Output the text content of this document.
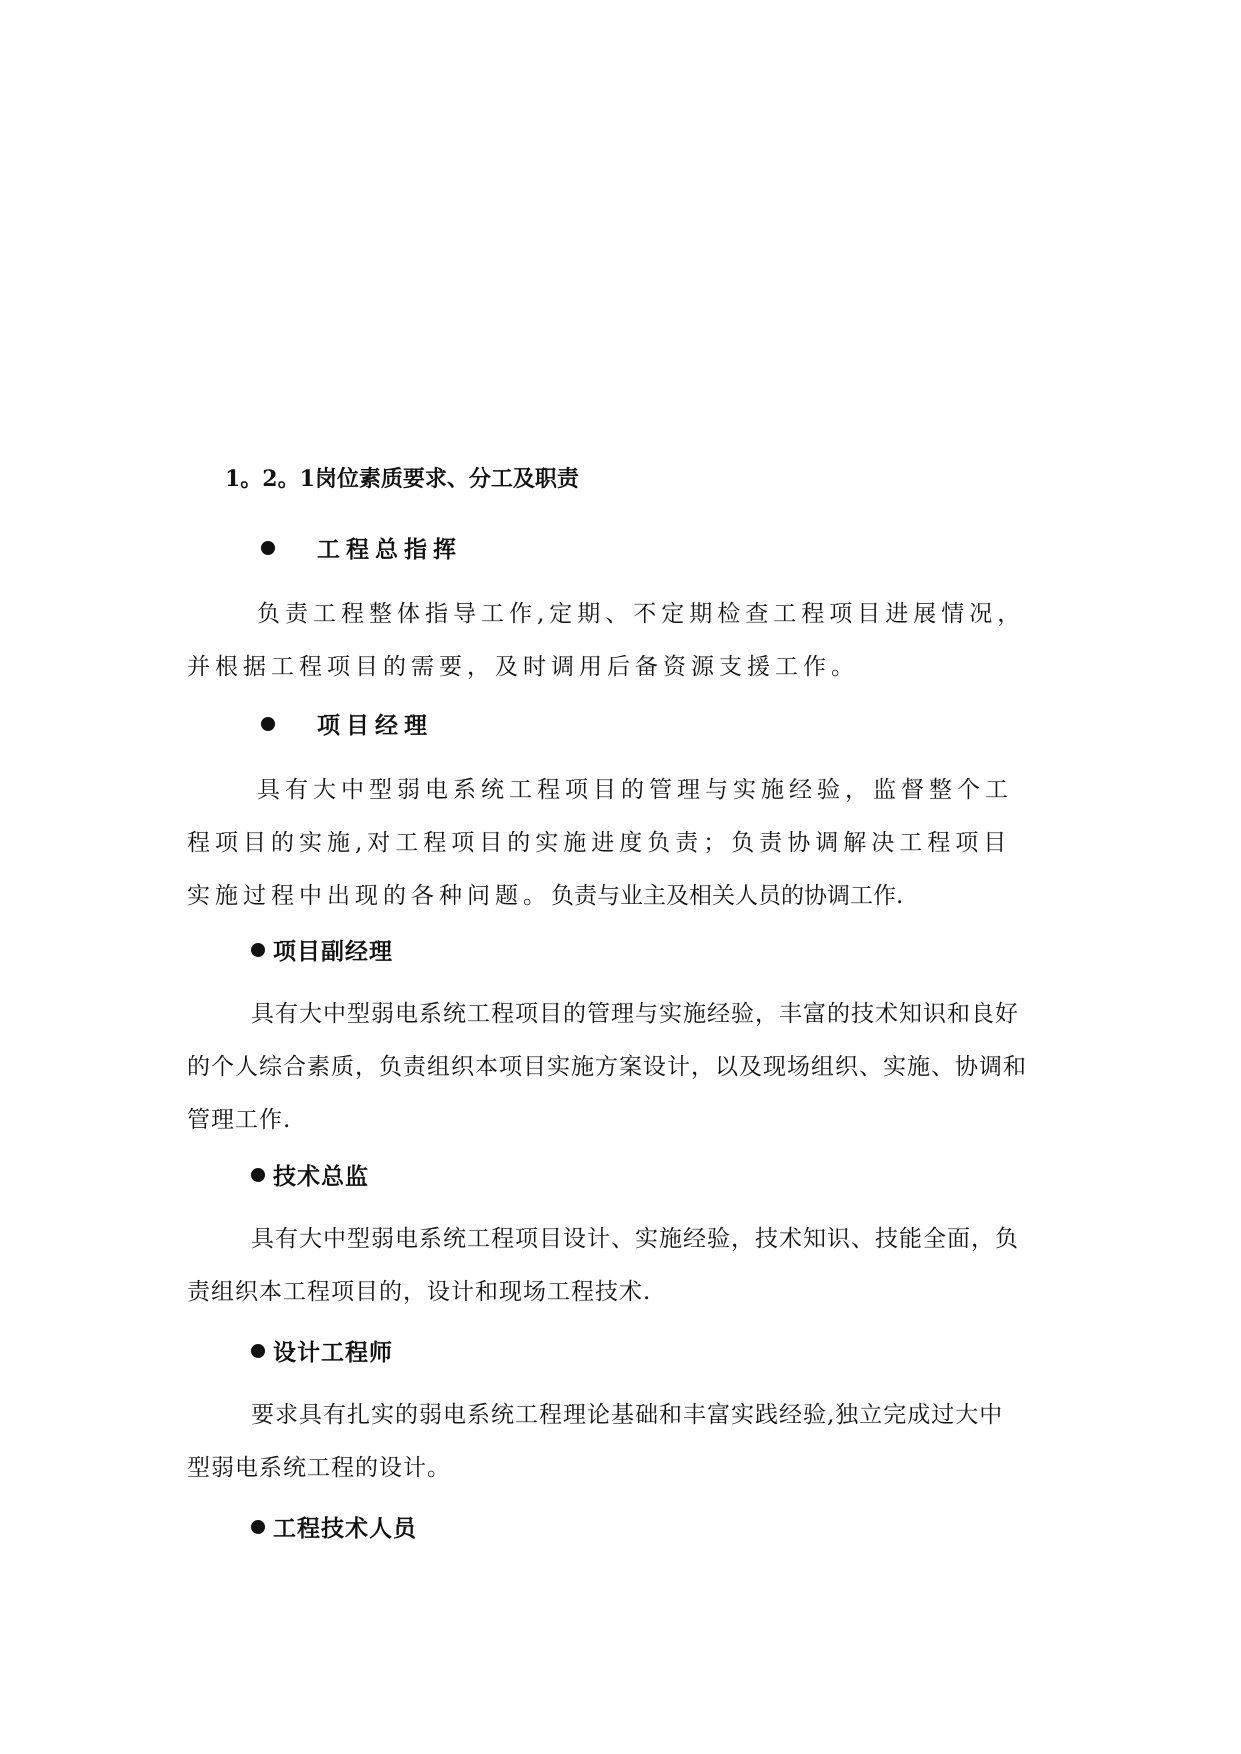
1。2。1岗位素质要求、分工及职责
工程总指挥
负责工程整体指导工作,定期、不定期检查工程项目进展情况，
并根据工程项目的需要，及时调用后备资源支援工作。
项目经理
具有大中型弱电系统工程项目的管理与实施经验，监督整个工
程项目的实施,对工程项目的实施进度负责；负责协调解决工程项目
实施过程中出现的各种问题。负责与业主及相关人员的协调工作.
项目副经理
具有大中型弱电系统工程项目的管理与实施经验，丰富的技术知识和良好
的个人综合素质，负责组织本项目实施方案设计，以及现场组织、实施、协调和
管理工作.
技术总监
具有大中型弱电系统工程项目设计、实施经验，技术知识、技能全面，负
责组织本工程项目的，设计和现场工程技术.
设计工程师
要求具有扎实的弱电系统工程理论基础和丰富实践经验,独立完成过大中
型弱电系统工程的设计。
工程技术人员
